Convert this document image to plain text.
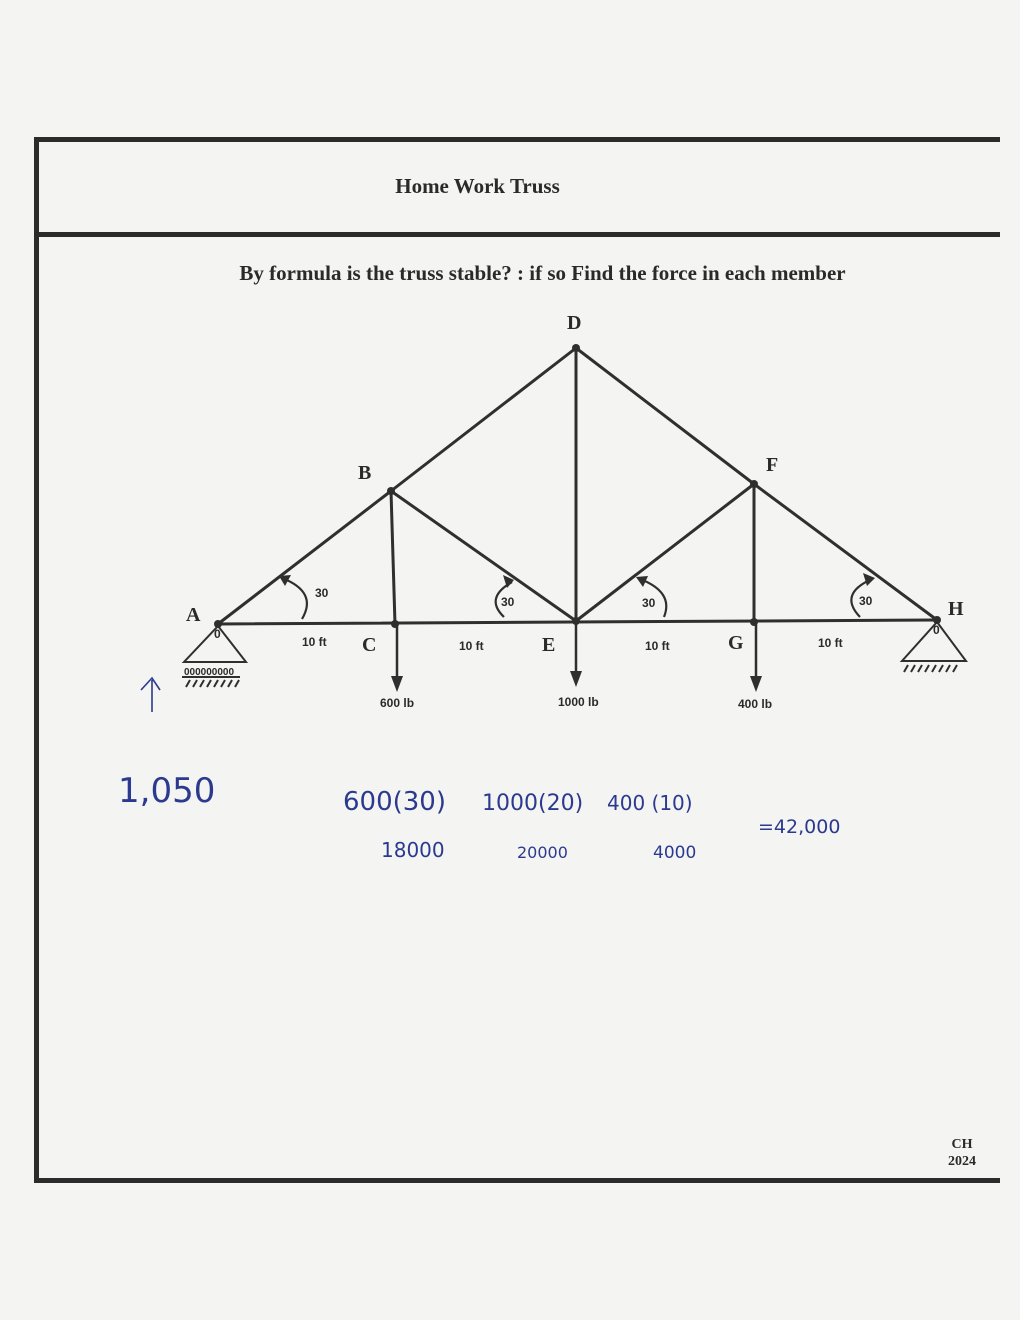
Home Work Truss
By formula is the truss stable? : if so Find the force in each member
A
B
C
D
E
F
G
H
10 ft	10 ft	10 ft	10 ft
30
30	30	30
600 lb	1000 lb	400 lb
0	0
000000000
1,050	600(30) 1000(20) 400 (10)
18000	20000	4000
=42,000
CH
2024
